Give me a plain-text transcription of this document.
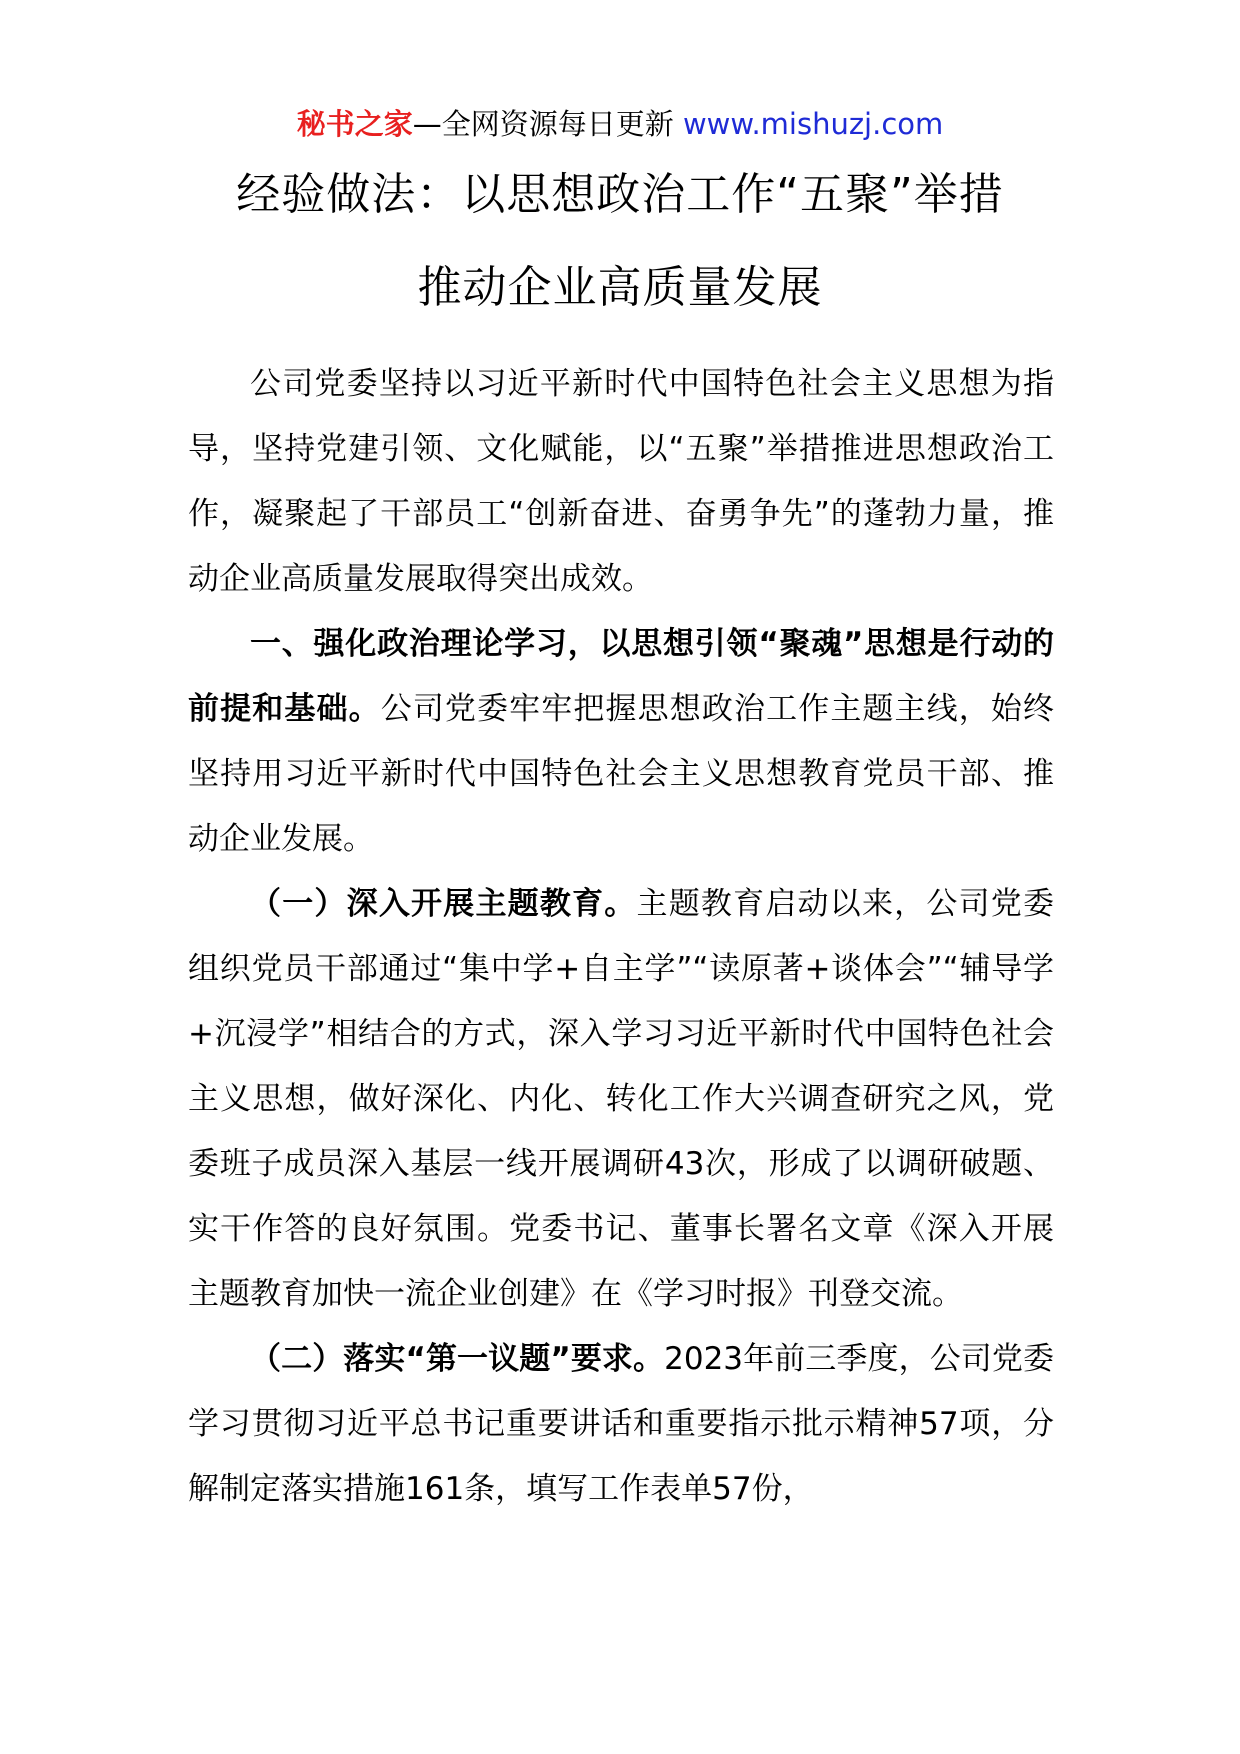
秘书之家—全网资源每日更新 www.mishuzj.com
经验做法：以思想政治工作“五聚”举措
推动企业高质量发展

公司党委坚持以习近平新时代中国特色社会主义思想为指导，坚持党建引领、文化赋能，以“五聚”举措推进思想政治工作，凝聚起了干部员工“创新奋进、奋勇争先”的蓬勃力量，推动企业高质量发展取得突出成效。

一、强化政治理论学习，以思想引领“聚魂”思想是行动的前提和基础。公司党委牢牢把握思想政治工作主题主线，始终坚持用习近平新时代中国特色社会主义思想教育党员干部、推动企业发展。

（一）深入开展主题教育。主题教育启动以来，公司党委组织党员干部通过“集中学+自主学”“读原著+谈体会”“辅导学+沉浸学”相结合的方式，深入学习习近平新时代中国特色社会主义思想，做好深化、内化、转化工作大兴调查研究之风，党委班子成员深入基层一线开展调研43次，形成了以调研破题、实干作答的良好氛围。党委书记、董事长署名文章《深入开展主题教育加快一流企业创建》在《学习时报》刊登交流。

（二）落实“第一议题”要求。2023年前三季度，公司党委学习贯彻习近平总书记重要讲话和重要指示批示精神57项，分解制定落实措施161条，填写工作表单57份，
